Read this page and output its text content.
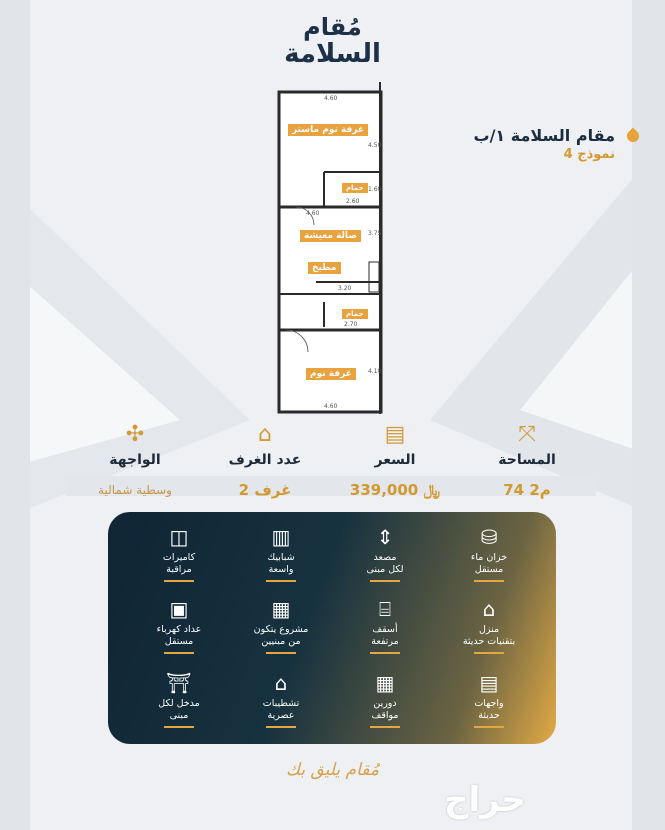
مُقام
السلامة
غرفة نوم ماستر
حمام
صالة معيشة
مطبخ
حمام
غرفة نوم
4.60
2.60
4.60
3.20
2.70
4.60
4.50
3.75
4.10
1.60
مقام السلامة ١/ب
نموذج 4
✣
الواجهة
وسطية شمالية
⌂
عدد الغرف
2 غرف
▤
السعر
339,000 ﷼
⤧
المساحة
74 م2
⛁
خزان ماء
مستقل
⇕
مصعد
لكل مبنى
▥
شبابيك
واسعة
◫
كاميرات
مراقبة
⌂
منزل
بتقنيات حديثة
⌸
أسقف
مرتفعة
▦
مشروع يتكون
من مبنيين
▣
عداد كهرباء
مستقل
▤
واجهات
حديثة
▦
دورين
مواقف
⌂
تشطيبات
عصرية
⛩
مدخل لكل
مبنى
مُقام يليق بك
حراج
